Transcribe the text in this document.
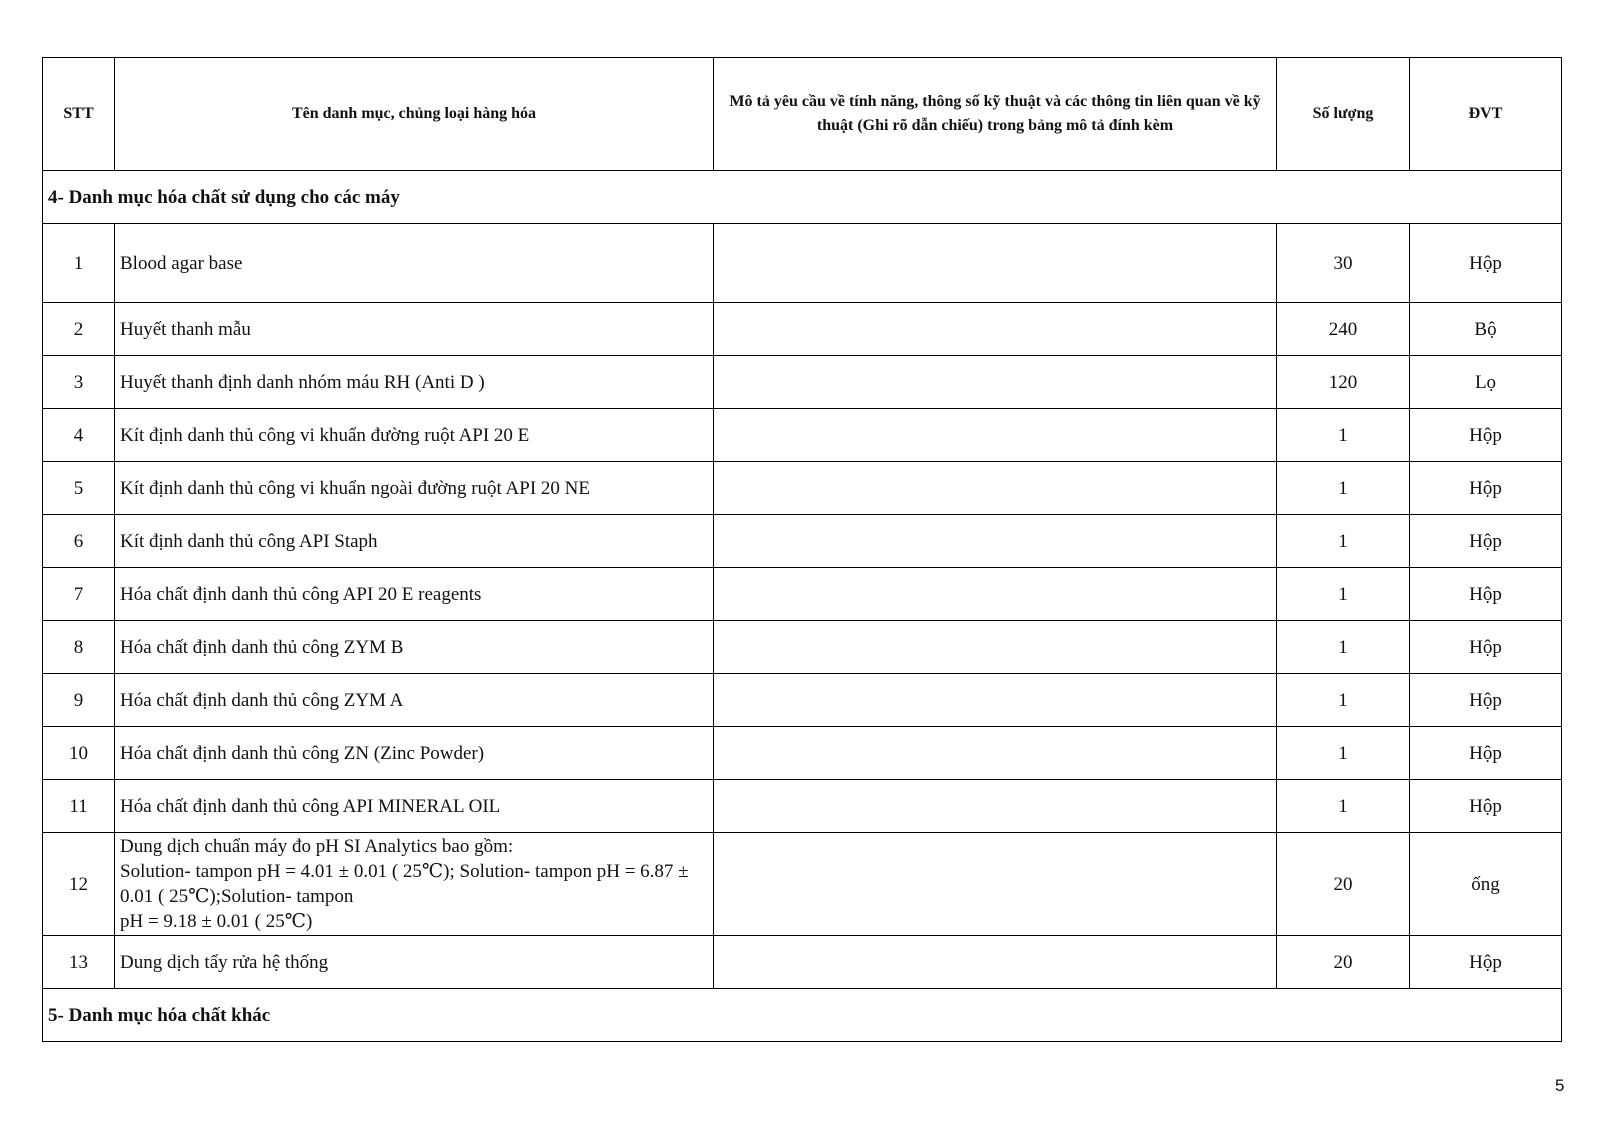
STT	Tên danh mục, chủng loại hàng hóa	Mô tả yêu cầu về tính năng, thông số kỹ thuật và các thông tin liên quan về kỹ thuật (Ghi rõ dẫn chiếu) trong bảng mô tả đính kèm	Số lượng	ĐVT
4- Danh mục hóa chất sử dụng cho các máy				
1	Blood agar base		30	Hộp
2	Huyết thanh mẫu		240	Bộ
3	Huyết thanh định danh nhóm máu RH (Anti D )		120	Lọ
4	Kít định danh thủ công vi khuẩn đường ruột API 20 E		1	Hộp
5	Kít định danh thủ công vi khuẩn ngoài đường ruột API 20 NE		1	Hộp
6	Kít định danh thủ công API Staph		1	Hộp
7	Hóa chất định danh thủ công API 20 E reagents		1	Hộp
8	Hóa chất định danh thủ công ZYM B		1	Hộp
9	Hóa chất định danh thủ công ZYM A		1	Hộp
10	Hóa chất định danh thủ công ZN (Zinc Powder)		1	Hộp
11	Hóa chất định danh thủ công API MINERAL OIL		1	Hộp
12	Dung dịch chuẩn máy đo pH SI Analytics bao gồm:
Solution- tampon pH = 4.01 ± 0.01 ( 25℃); Solution- tampon pH = 6.87 ± 0.01 ( 25℃);Solution- tampon
pH = 9.18 ± 0.01 ( 25℃)		20	ống
13	Dung dịch tẩy rửa hệ thống		20	Hộp
5- Danh mục hóa chất khác				
5
